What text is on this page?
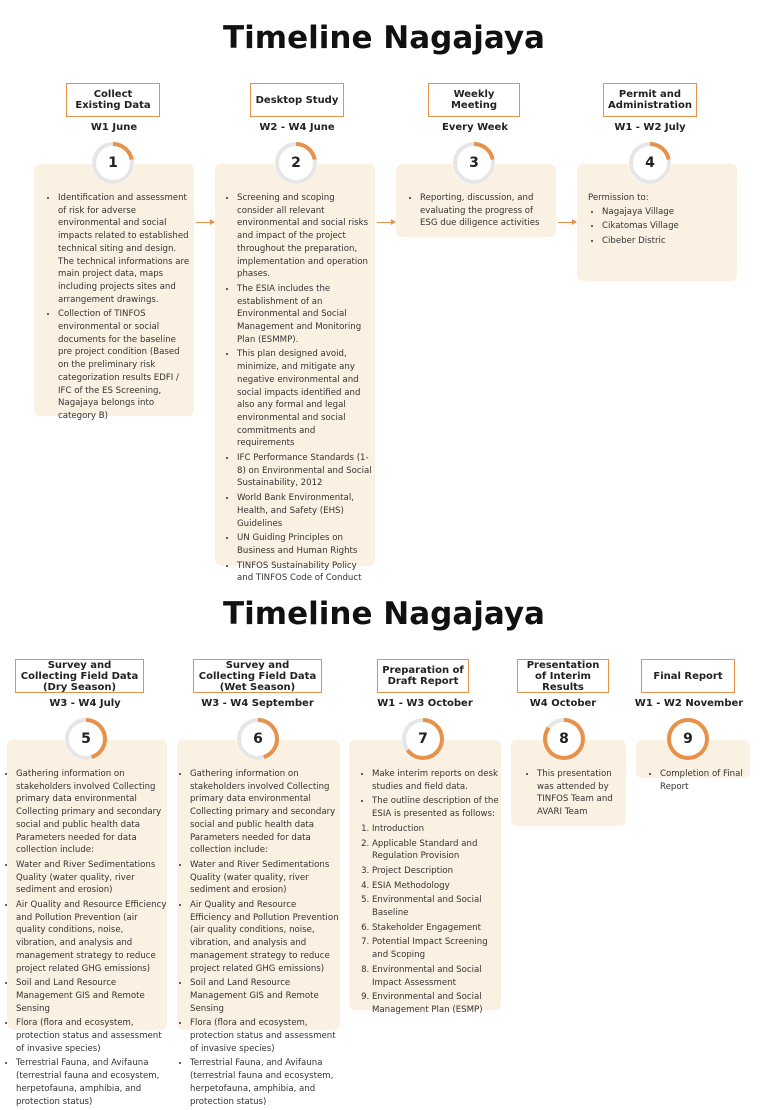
Timeline Nagajaya
Collect Existing Data
W1 June
• Identification and assessment of risk for adverse environmental and social impacts related to established technical siting and design. The technical informations are main project data, maps including projects sites and arrangement drawings.
• Collection of TINFOS environmental or social documents for the baseline pre project condition (Based on the preliminary risk categorization results EDFI / IFC of the ES Screening, Nagajaya belongs into category B)
1
Desktop Study
W2 - W4 June
• Screening and scoping consider all relevant environmental and social risks and impact of the project throughout the preparation, implementation and operation phases.
• The ESIA includes the establishment of an Environmental and Social Management and Monitoring Plan (ESMMP).
• This plan designed avoid, minimize, and mitigate any negative environmental and social impacts identified and also any formal and legal environmental and social commitments and requirements
• IFC Performance Standards (1-8) on Environmental and Social Sustainability, 2012
• World Bank Environmental, Health, and Safety (EHS) Guidelines
• UN Guiding Principles on Business and Human Rights
• TINFOS Sustainability Policy and TINFOS Code of Conduct
2
Weekly Meeting
Every Week
• Reporting, discussion, and evaluating the progress of ESG due diligence activities
3
Permit and Administration
W1 - W2 July
Permission to:
• Nagajaya Village
• Cikatomas Village
• Cibeber Distric
4
Timeline Nagajaya
Survey and Collecting Field Data (Dry Season)
W3 - W4 July
• Gathering information on stakeholders involved Collecting primary data environmental Collecting primary and secondary social and public health data Parameters needed for data collection include:
• Water and River Sedimentations Quality (water quality, river sediment and erosion)
• Air Quality and Resource Efficiency and Pollution Prevention (air quality conditions, noise, vibration, and analysis and management strategy to reduce project related GHG emissions)
• Soil and Land Resource Management GIS and Remote Sensing
• Flora (flora and ecosystem, protection status and assessment of invasive species)
• Terrestrial Fauna, and Avifauna (terrestrial fauna and ecosystem, herpetofauna, amphibia, and protection status)
5
Survey and Collecting Field Data (Wet Season)
W3 - W4 September
• Gathering information on stakeholders involved Collecting primary data environmental Collecting primary and secondary social and public health data Parameters needed for data collection include:
• Water and River Sedimentations Quality (water quality, river sediment and erosion)
• Air Quality and Resource Efficiency and Pollution Prevention (air quality conditions, noise, vibration, and analysis and management strategy to reduce project related GHG emissions)
• Soil and Land Resource Management GIS and Remote Sensing
• Flora (flora and ecosystem, protection status and assessment of invasive species)
• Terrestrial Fauna, and Avifauna (terrestrial fauna and ecosystem, herpetofauna, amphibia, and protection status)
6
Preparation of Draft Report
W1 - W3 October
• Make interim reports on desk studies and field data.
• The outline description of the ESIA is presented as follows:
1. Introduction
2. Applicable Standard and Regulation Provision
3. Project Description
4. ESIA Methodology
5. Environmental and Social Baseline
6. Stakeholder Engagement
7. Potential Impact Screening and Scoping
8. Environmental and Social Impact Assessment
9. Environmental and Social Management Plan (ESMP)
7
Presentation of Interim Results
W4 October
• This presentation was attended by TINFOS Team and AVARI Team
8
Final Report
W1 - W2 November
• Completion of Final Report
9
